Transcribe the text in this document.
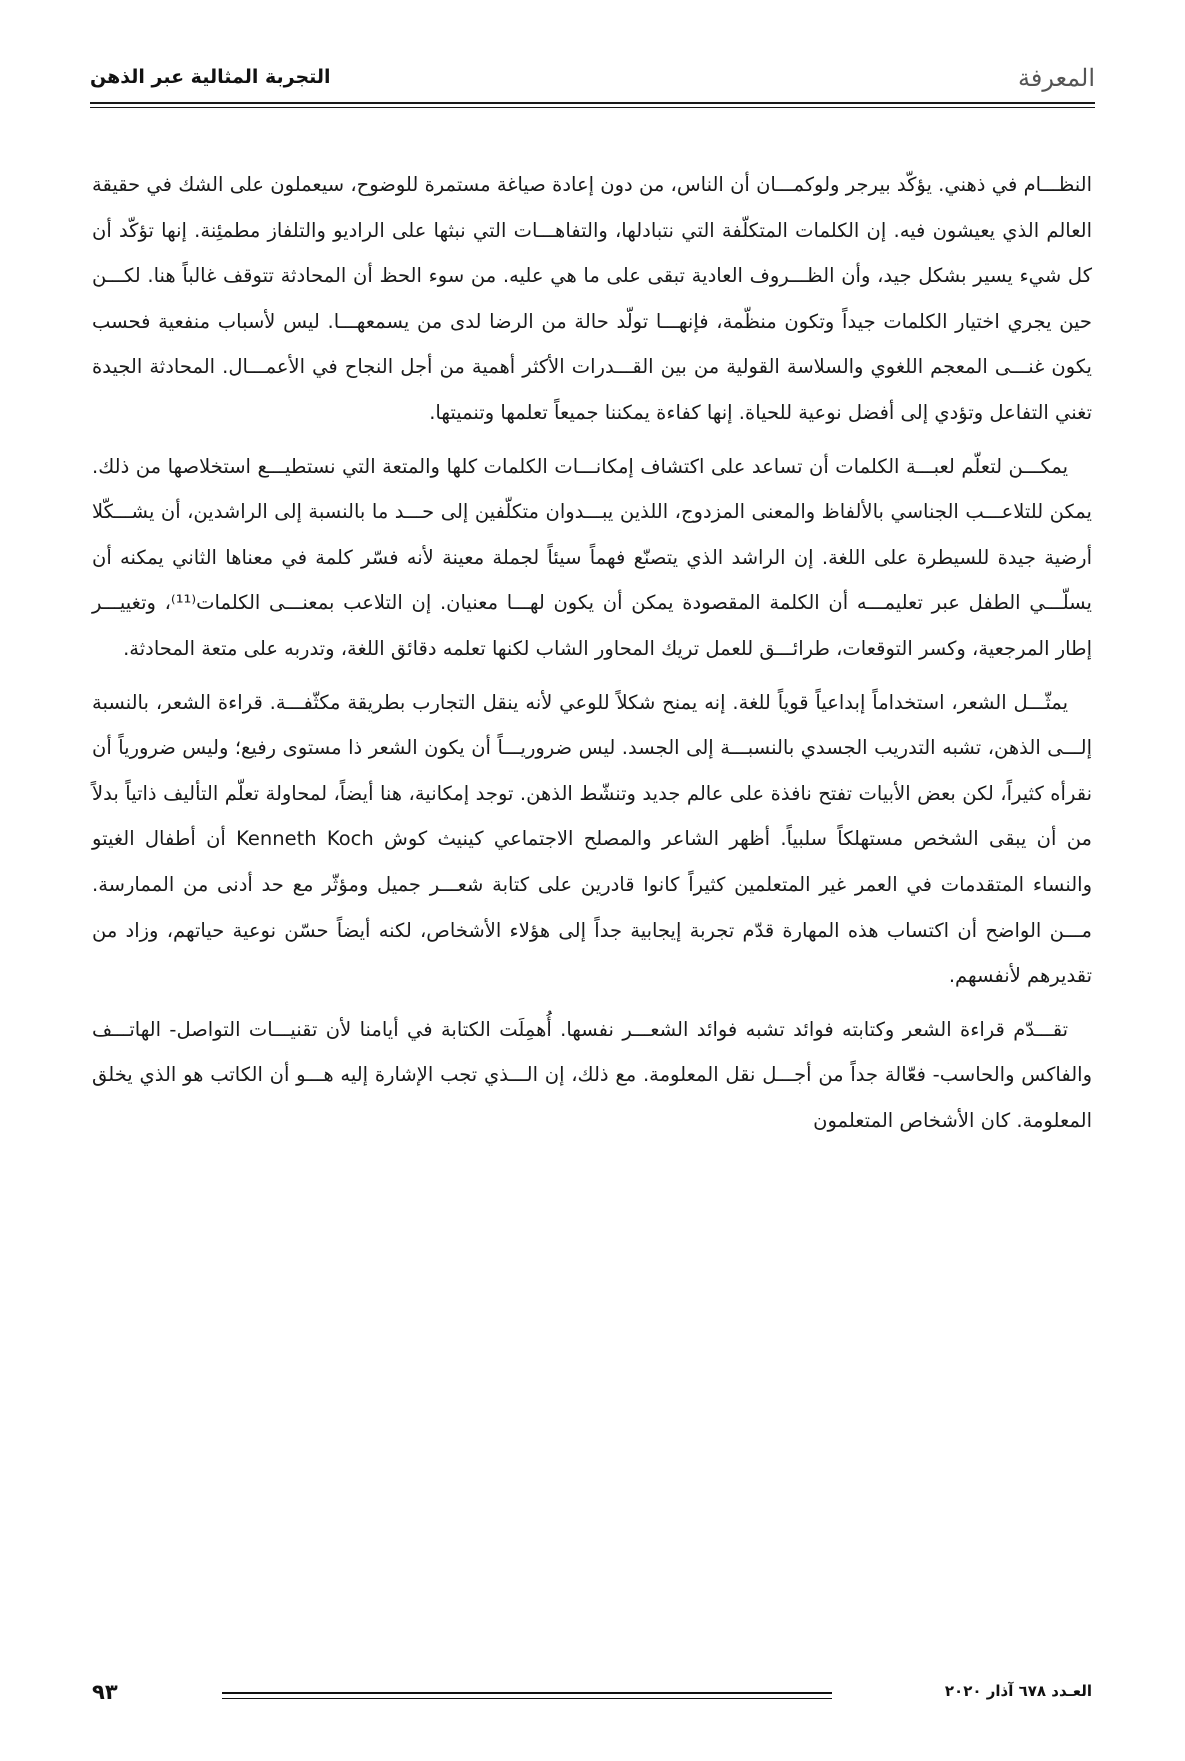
المعرفة
التجربة المثالية عبر الذهن

النظـــام في ذهني. يؤكّد بيرجر ولوكمـــان أن الناس، من دون إعادة صياغة مستمرة للوضوح، سيعملون على الشك في حقيقة العالم الذي يعيشون فيه. إن الكلمات المتكلّفة التي نتبادلها، والتفاهـــات التي نبثها على الراديو والتلفاز مطمئِنة. إنها تؤكّد أن كل شيء يسير بشكل جيد، وأن الظـــروف العادية تبقى على ما هي عليه. من سوء الحظ أن المحادثة تتوقف غالباً هنا. لكـــن حين يجري اختيار الكلمات جيداً وتكون منظّمة، فإنهـــا تولّد حالة من الرضا لدى من يسمعهـــا. ليس لأسباب منفعية فحسب يكون غنـــى المعجم اللغوي والسلاسة القولية من بين القـــدرات الأكثر أهمية من أجل النجاح في الأعمـــال. المحادثة الجيدة تغني التفاعل وتؤدي إلى أفضل نوعية للحياة. إنها كفاءة يمكننا جميعاً تعلمها وتنميتها.

يمكـــن لتعلّم لعبـــة الكلمات أن تساعد على اكتشاف إمكانـــات الكلمات كلها والمتعة التي نستطيـــع استخلاصها من ذلك. يمكن للتلاعـــب الجناسي بالألفاظ والمعنى المزدوج، اللذين يبـــدوان متكلّفين إلى حـــد ما بالنسبة إلى الراشدين، أن يشـــكّلا أرضية جيدة للسيطرة على اللغة. إن الراشد الذي يتصنّع فهماً سيئاً لجملة معينة لأنه فسّر كلمة في معناها الثاني يمكنه أن يسلّـــي الطفل عبر تعليمـــه أن الكلمة المقصودة يمكن أن يكون لهـــا معنيان. إن التلاعب بمعنـــى الكلمات⁽¹¹⁾، وتغييـــر إطار المرجعية، وكسر التوقعات، طرائـــق للعمل تريك المحاور الشاب لكنها تعلمه دقائق اللغة، وتدربه على متعة المحادثة.

يمثّـــل الشعر، استخداماً إبداعياً قوياً للغة. إنه يمنح شكلاً للوعي لأنه ينقل التجارب بطريقة مكثّفـــة. قراءة الشعر، بالنسبة إلـــى الذهن، تشبه التدريب الجسدي بالنسبـــة إلى الجسد. ليس ضروريـــاً أن يكون الشعر ذا مستوى رفيع؛ وليس ضرورياً أن نقرأه كثيراً، لكن بعض الأبيات تفتح نافذة على عالم جديد وتنشّط الذهن. توجد إمكانية، هنا أيضاً، لمحاولة تعلّم التأليف ذاتياً بدلاً من أن يبقى الشخص مستهلكاً سلبياً. أظهر الشاعر والمصلح الاجتماعي كينيث كوش Kenneth Koch أن أطفال الغيتو والنساء المتقدمات في العمر غير المتعلمين كثيراً كانوا قادرين على كتابة شعـــر جميل ومؤثّر مع حد أدنى من الممارسة. مـــن الواضح أن اكتساب هذه المهارة قدّم تجربة إيجابية جداً إلى هؤلاء الأشخاص، لكنه أيضاً حسّن نوعية حياتهم، وزاد من تقديرهم لأنفسهم.

تقـــدّم قراءة الشعر وكتابته فوائد تشبه فوائد الشعـــر نفسها. أُهمِلَت الكتابة في أيامنا لأن تقنيـــات التواصل- الهاتـــف والفاكس والحاسب- فعّالة جداً من أجـــل نقل المعلومة. مع ذلك، إن الـــذي تجب الإشارة إليه هـــو أن الكاتب هو الذي يخلق المعلومة. كان الأشخاص المتعلمون

٩٣	العـدد ٦٧٨ آذار ٢٠٢٠
